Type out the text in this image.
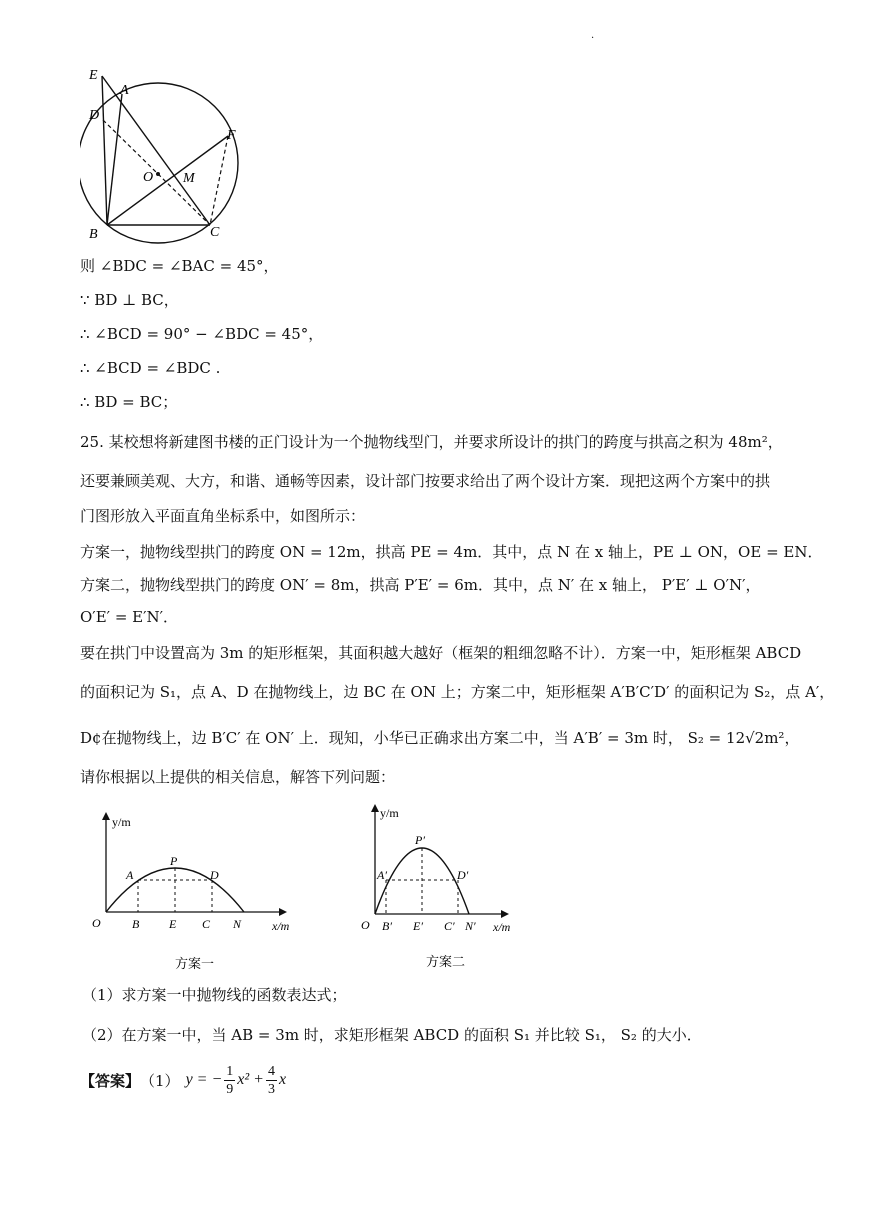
.
E
D
A
F
O M
B	C
则 ∠BDC = ∠BAC = 45°，
∵ BD ⊥ BC，
∴ ∠BCD = 90° − ∠BDC = 45°，
∴ ∠BCD = ∠BDC .
∴ BD = BC；
25. 某校想将新建图书楼的正门设计为一个抛物线型门，并要求所设计的拱门的跨度与拱高之积为 48m²，
还要兼顾美观、大方，和谐、通畅等因素，设计部门按要求给出了两个设计方案．现把这两个方案中的拱
门图形放入平面直角坐标系中，如图所示：
方案一，抛物线型拱门的跨度 ON = 12m，拱高 PE = 4m．其中，点 N 在 x 轴上，PE ⊥ ON，OE = EN．
方案二，抛物线型拱门的跨度 ON′ = 8m，拱高 P′E′ = 6m．其中，点 N′ 在 x 轴上， P′E′ ⊥ O′N′，
O′E′ = E′N′．
要在拱门中设置高为 3m 的矩形框架，其面积越大越好（框架的粗细忽略不计）．方案一中，矩形框架 ABCD
的面积记为 S₁，点 A、D 在抛物线上，边 BC 在 ON 上；方案二中，矩形框架 A′B′C′D′ 的面积记为 S₂，点 A′，
D¢在抛物线上，边 B′C′ 在 ON′ 上．现知，小华已正确求出方案二中，当 A′B′ = 3m 时， S₂ = 12√2m²，
请你根据以上提供的相关信息，解答下列问题：
y/m
x/m
O
A
P
D
B E C N
方案一
y/m
x/m
O
A′
P′
D′
B′ E′ C′ N′
方案二
（1）求方案一中抛物线的函数表达式；
（2）在方案一中，当 AB = 3m 时，求矩形框架 ABCD 的面积 S₁ 并比较 S₁， S₂ 的大小．
【答案】 （1） y = − $\frac{1}{9} x^2 + \frac{4}{3}$ x
